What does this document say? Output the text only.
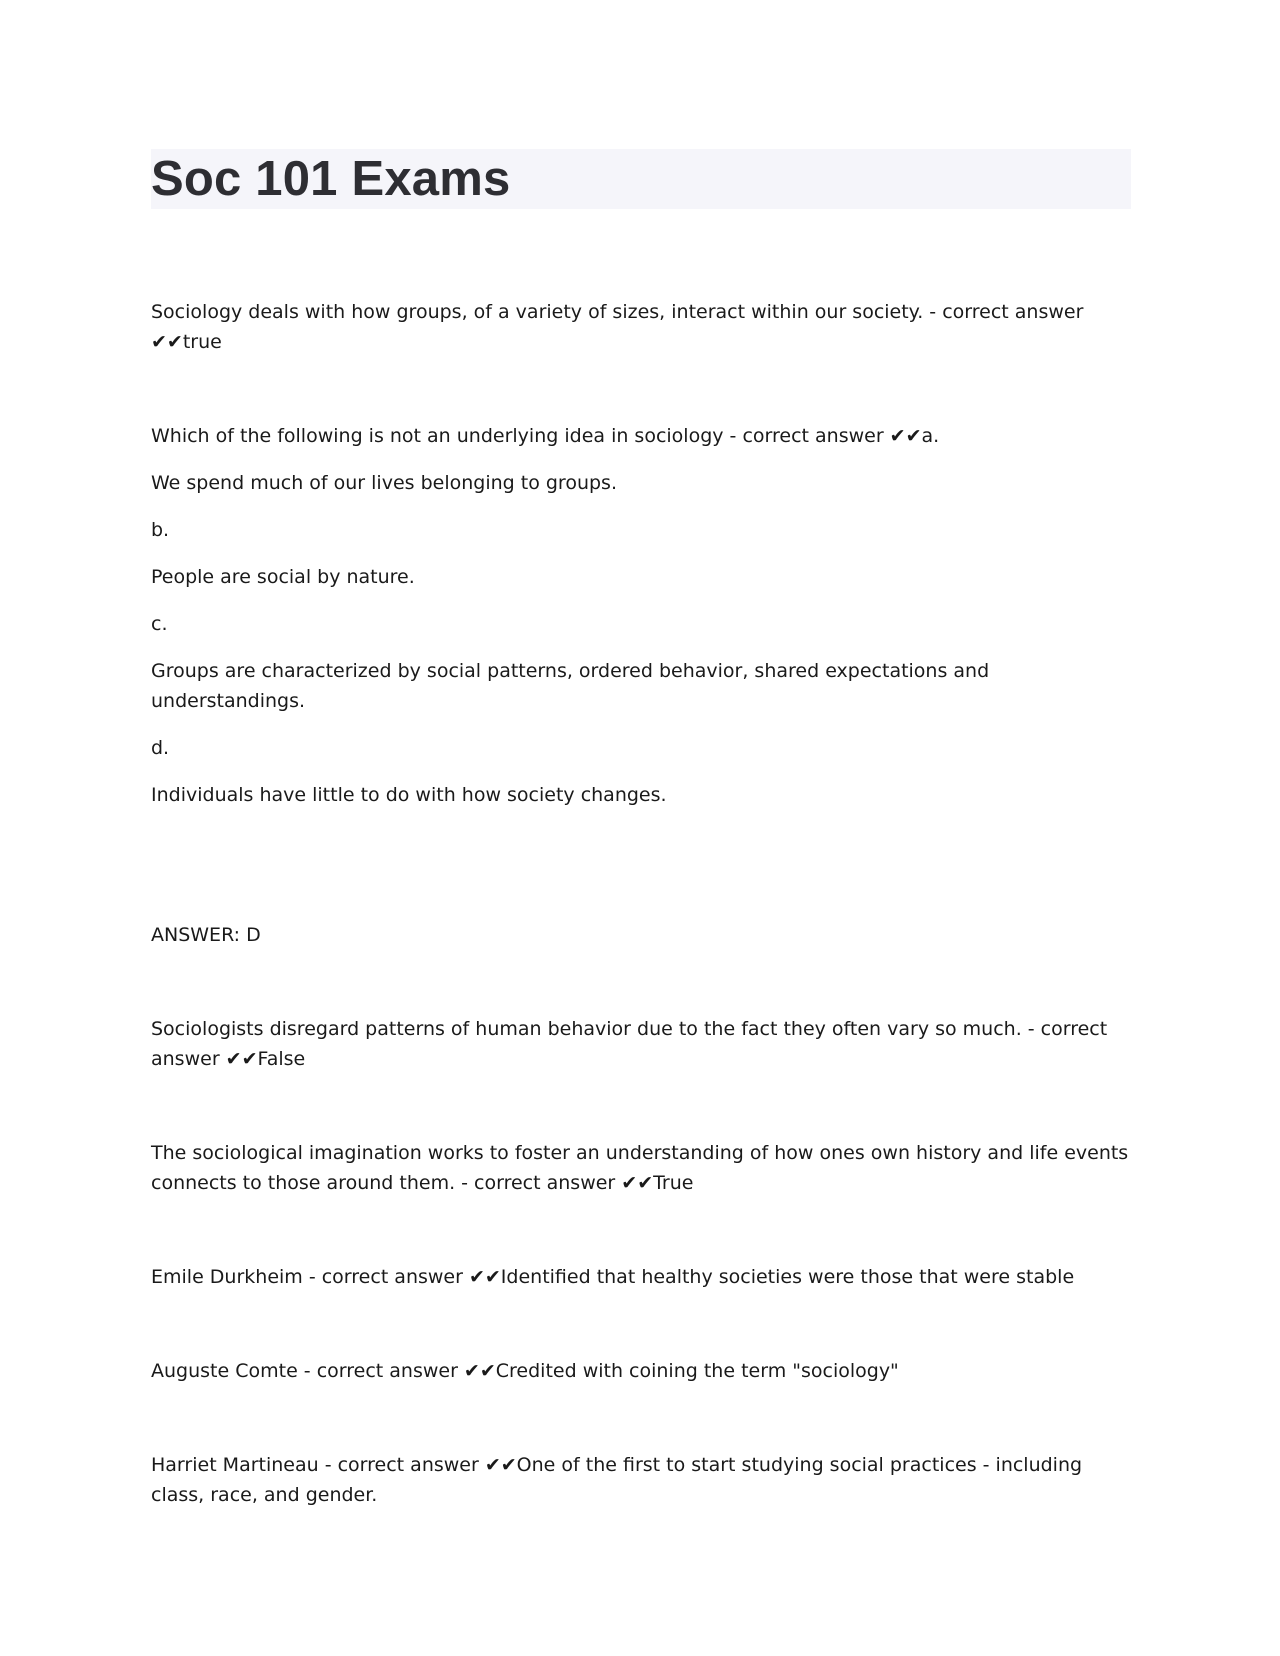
Soc 101 Exams

Sociology deals with how groups, of a variety of sizes, interact within our society. - correct answer ✔✔true

Which of the following is not an underlying idea in sociology - correct answer ✔✔a.

We spend much of our lives belonging to groups.

b.

People are social by nature.

c.

Groups are characterized by social patterns, ordered behavior, shared expectations and understandings.

d.

Individuals have little to do with how society changes.

ANSWER: D

Sociologists disregard patterns of human behavior due to the fact they often vary so much. - correct answer ✔✔False

The sociological imagination works to foster an understanding of how ones own history and life events connects to those around them. - correct answer ✔✔True

Emile Durkheim - correct answer ✔✔Identified that healthy societies were those that were stable

Auguste Comte - correct answer ✔✔Credited with coining the term "sociology"

Harriet Martineau - correct answer ✔✔One of the first to start studying social practices - including class, race, and gender.
